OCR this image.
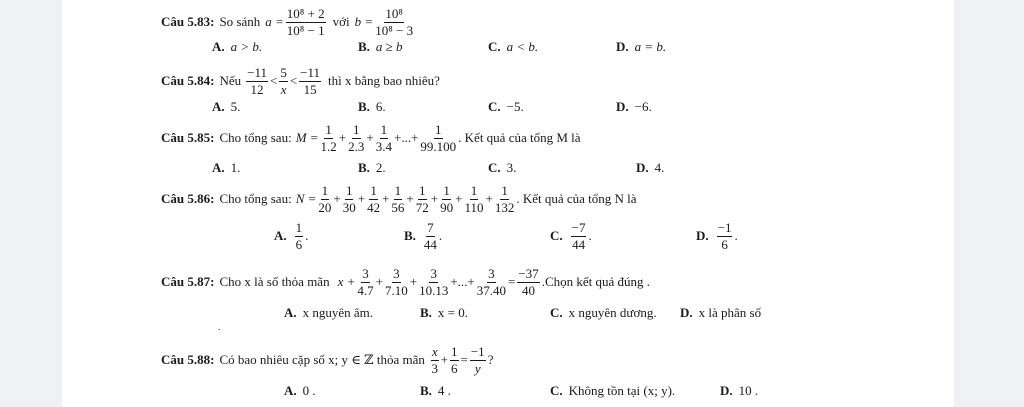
Câu 5.83: So sánh $a = \frac{\text{10⁸ + 2}}{\text{10⁸ − 1}}$ với $b = \frac{\text{10⁸}}{\text{10⁸ − 3}}$
A. a > b.	B. a ≥ b	C. a < b.	D. a = b.
Câu 5.84: Nếu $\frac{-11}{12} < \frac{5}{x} < \frac{-11}{15}$ thì x bằng bao nhiêu?
A. 5.	B. 6.	C. −5.	D. −6.
Câu 5.85: Cho tổng sau: $M = \frac{1}{1.2} + \frac{1}{2.3} + \frac{1}{3.4}$ +...+ $\frac{1}{99.100}$ . Kết quả của tổng M là
A. 1.	B. 2.	C. 3.	D. 4.
Câu 5.86: Cho tổng sau: $N = \frac{1}{20} + \frac{1}{30} + \frac{1}{42} + \frac{1}{56} + \frac{1}{72} + \frac{1}{90} + \frac{1}{110} + \frac{1}{132}$ . Kết quả của tổng N là
A. $\frac{1}{6}$ .	B. $\frac{7}{44}$ .	C. $\frac{-7}{44}$ .	D. $\frac{-1}{6}$ .
Câu 5.87: Cho x là số thỏa mãn $x + \frac{3}{4.7} + \frac{3}{7.10} + \frac{3}{10.13}$ +...+ $\frac{3}{37.40} = \frac{-37}{40}$ .Chọn kết quả đúng .
A. x nguyên âm.	B. x = 0.	C. x nguyên dương. D. x là phân số
.
Câu 5.88: Có bao nhiêu cặp số x; y ∈ ℤ thỏa mãn $\frac{x}{3} + \frac{1}{6} = \frac{-1}{y}$ ?
A. 0 .	B. 4 .	C. Không tồn tại (x; y).	D. 10 .
